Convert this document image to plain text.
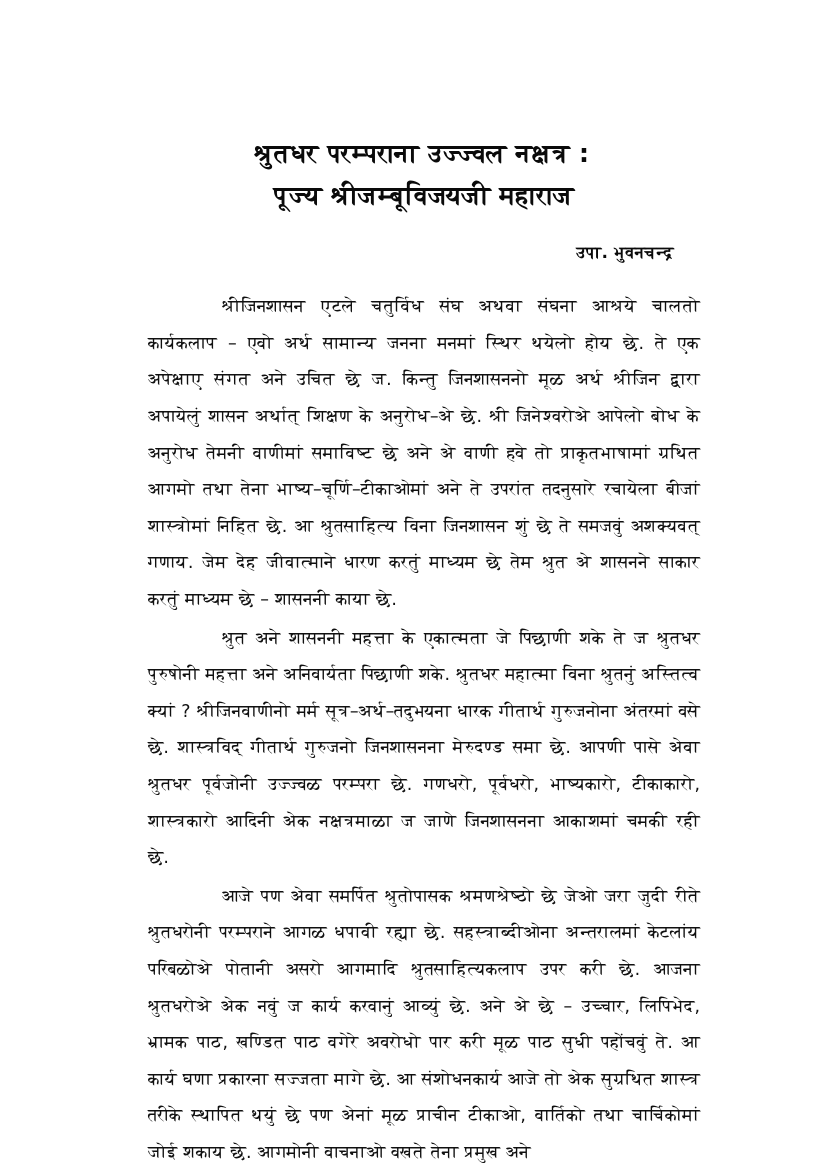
श्रुतधर परम्पराना उज्ज्वल नक्षत्र :
पूज्य श्रीजम्बूविजयजी महाराज
उपा. भुवनचन्द्र

श्रीजिनशासन एटले चतुर्विध संघ अथवा संघना आश्रये चालतो कार्यकलाप – एवो अर्थ सामान्य जनना मनमां स्थिर थयेलो होय छे. ते एक अपेक्षाए संगत अने उचित छे ज. किन्तु जिनशासननो मूळ अर्थ श्रीजिन द्वारा अपायेलुं शासन अर्थात् शिक्षण के अनुरोध–अे छे. श्री जिनेश्वरोअे आपेलो बोध के अनुरोध तेमनी वाणीमां समाविष्ट छे अने अे वाणी हवे तो प्राकृतभाषामां ग्रथित आगमो तथा तेना भाष्य–चूर्णि–टीकाओमां अने ते उपरांत तदनुसारे रचायेला बीजां शास्त्रोमां निहित छे. आ श्रुतसाहित्य विना जिनशासन शुं छे ते समजवुं अशक्यवत् गणाय. जेम देह जीवात्माने धारण करतुं माध्यम छे तेम श्रुत अे शासनने साकार करतुं माध्यम छे – शासननी काया छे.

श्रुत अने शासननी महत्ता के एकात्मता जे पिछाणी शके ते ज श्रुतधर पुरुषोनी महत्ता अने अनिवार्यता पिछाणी शके. श्रुतधर महात्मा विना श्रुतनुं अस्तित्व क्यां ? श्रीजिनवाणीनो मर्म सूत्र–अर्थ–तदुभयना धारक गीतार्थ गुरुजनोना अंतरमां वसे छे. शास्त्रविद् गीतार्थ गुरुजनो जिनशासनना मेरुदण्ड समा छे. आपणी पासे अेवा श्रुतधर पूर्वजोनी उज्ज्वळ परम्परा छे. गणधरो, पूर्वधरो, भाष्यकारो, टीकाकारो, शास्त्रकारो आदिनी अेक नक्षत्रमाळा ज जाणे जिनशासनना आकाशमां चमकी रही छे.

आजे पण अेवा समर्पित श्रुतोपासक श्रमणश्रेष्ठो छे जेओ जरा जुदी रीते श्रुतधरोनी परम्पराने आगळ धपावी रह्या छे. सहस्त्राब्दीओना अन्तरालमां केटलांय परिबळोअे पोतानी असरो आगमादि श्रुतसाहित्यकलाप उपर करी छे. आजना श्रुतधरोअे अेक नवुं ज कार्य करवानुं आव्युं छे. अने अे छे – उच्चार, लिपिभेद, भ्रामक पाठ, खण्डित पाठ वगेरे अवरोधो पार करी मूळ पाठ सुधी पहोंचवुं ते. आ कार्य घणा प्रकारना सज्जता मागे छे. आ संशोधनकार्य आजे तो अेक सुग्रथित शास्त्र तरीके स्थापित थयुं छे पण अेनां मूळ प्राचीन टीकाओ, वार्तिको तथा चार्चिकोमां जोई शकाय छे. आगमोनी वाचनाओ वखते तेना प्रमुख अने
